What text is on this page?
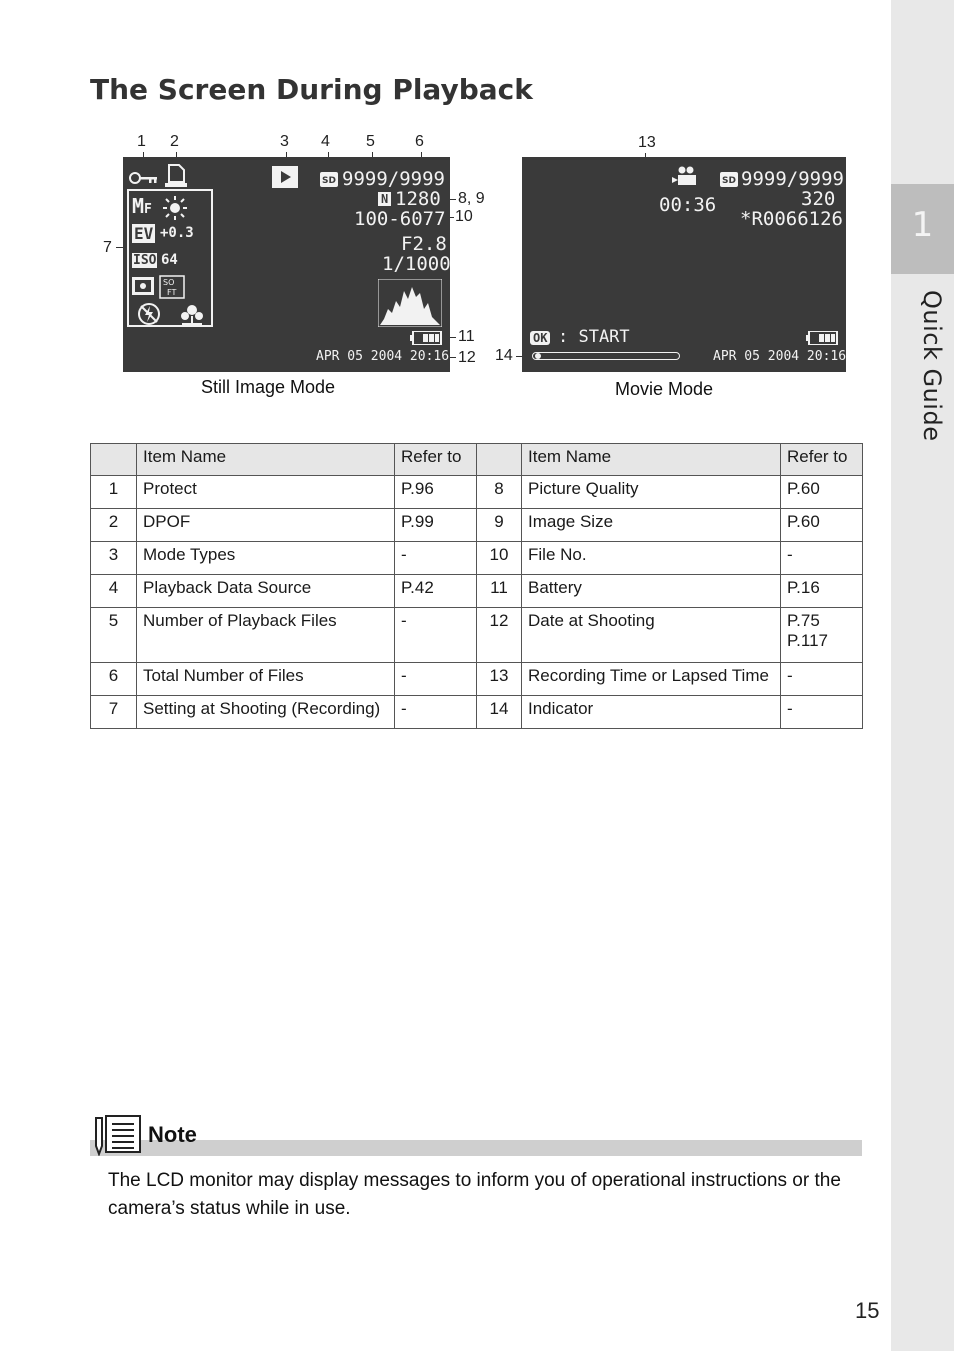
1
Quick Guide
The Screen During Playback
1 2	3 4 5	6
7
8, 9
10
11
12
SD 9999/9999
N 1280
100-6077
F2.8
1/1000
MF
EV +0.3
ISO 64
SO
FT
APR 05 2004 20:16
Still Image Mode
13
14
SD 9999/9999
320
*R0066126
00:36
OK : START
APR 05 2004 20:16
Movie Mode
	Item Name	Refer to		Item Name	Refer to
1	Protect	P.96	8	Picture Quality	P.60
2	DPOF	P.99	9	Image Size	P.60
3	Mode Types	-	10	File No.	-
4	Playback Data Source	P.42	11	Battery	P.16
5	Number of Playback Files	-	12	Date at Shooting	P.75
P.117
6	Total Number of Files	-	13	Recording Time or Lapsed Time	-
7	Setting at Shooting (Recording)	-	14	Indicator	-
Note
The LCD monitor may display messages to inform you of operational instructions or the camera’s status while in use.
15
